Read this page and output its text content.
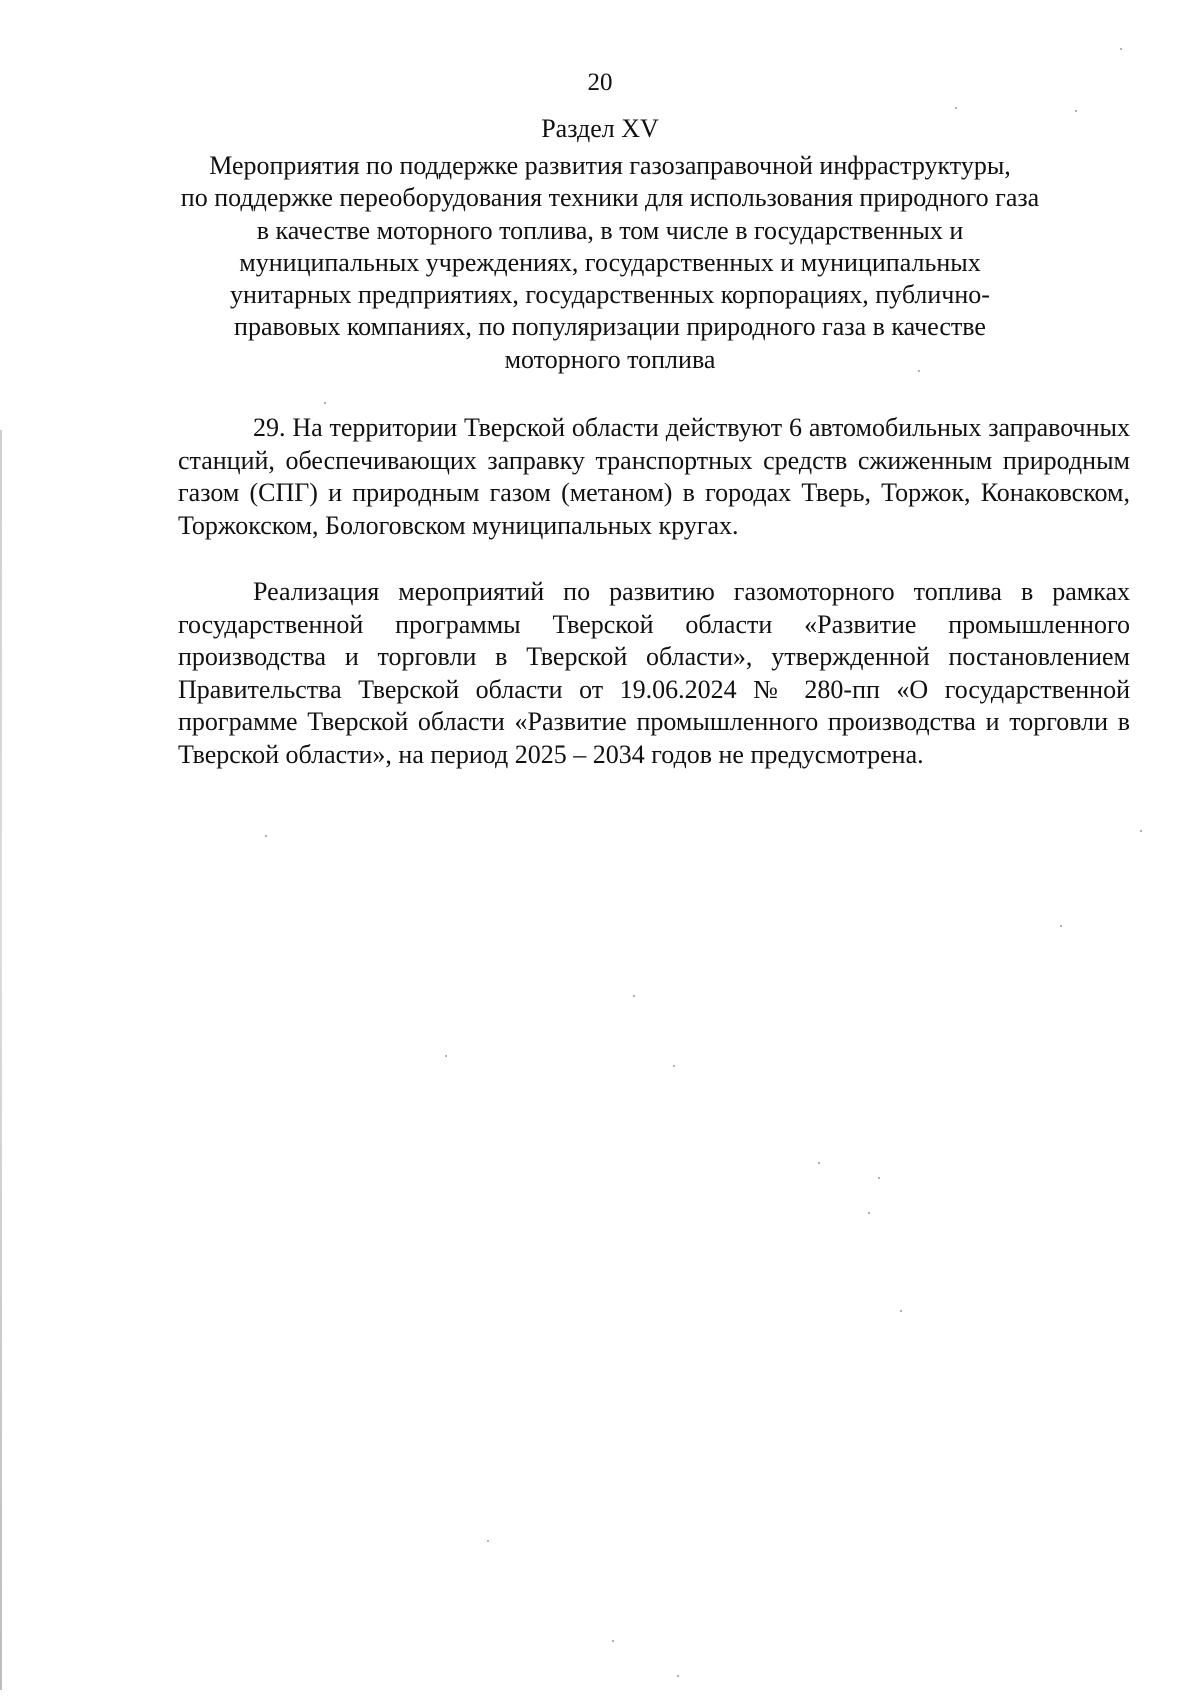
20
Раздел XV
Мероприятия по поддержке развития газозаправочной инфраструктуры,
по поддержке переоборудования техники для использования природного газа
в качестве моторного топлива, в том числе в государственных и
муниципальных учреждениях, государственных и муниципальных
унитарных предприятиях, государственных корпорациях, публично-
правовых компаниях, по популяризации природного газа в качестве
моторного топлива

29. На территории Тверской области действуют 6 автомобильных заправочных станций, обеспечивающих заправку транспортных средств сжиженным природным газом (СПГ) и природным газом (метаном) в городах Тверь, Торжок, Конаковском, Торжокском, Бологовском муниципальных кругах.

Реализация мероприятий по развитию газомоторного топлива в рамках государственной программы Тверской области «Развитие промышленного производства и торговли в Тверской области», утвержденной постановлением Правительства Тверской области от 19.06.2024 № 280-пп «О государственной программе Тверской области «Развитие промышленного производства и торговли в Тверской области», на период 2025 – 2034 годов не предусмотрена.
